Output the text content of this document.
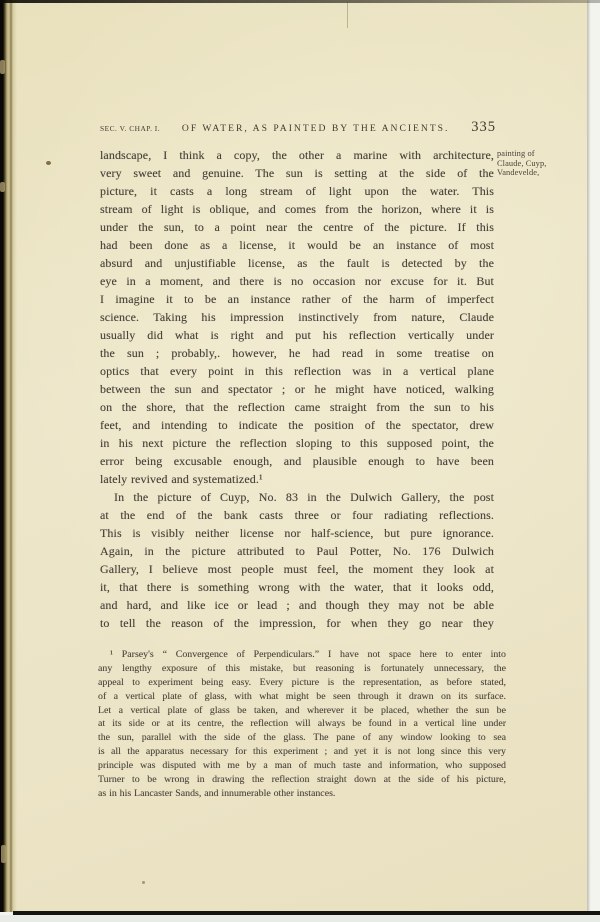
SEC. V. CHAP. I. OF WATER, AS PAINTED BY THE ANCIENTS. 335
painting of
Claude, Cuyp,
Vandevelde,
landscape, I think a copy, the other a marine with architecture,
very sweet and genuine. The sun is setting at the side of the
picture, it casts a long stream of light upon the water. This
stream of light is oblique, and comes from the horizon, where it is
under the sun, to a point near the centre of the picture. If this
had been done as a license, it would be an instance of most
absurd and unjustifiable license, as the fault is detected by the
eye in a moment, and there is no occasion nor excuse for it. But
I imagine it to be an instance rather of the harm of imperfect
science. Taking his impression instinctively from nature, Claude
usually did what is right and put his reflection vertically under
the sun ; probably,. however, he had read in some treatise on
optics that every point in this reflection was in a vertical plane
between the sun and spectator ; or he might have noticed, walking
on the shore, that the reflection came straight from the sun to his
feet, and intending to indicate the position of the spectator, drew
in his next picture the reflection sloping to this supposed point, the
error being excusable enough, and plausible enough to have been
lately revived and systematized.¹
In the picture of Cuyp, No. 83 in the Dulwich Gallery, the post
at the end of the bank casts three or four radiating reflections.
This is visibly neither license nor half-science, but pure ignorance.
Again, in the picture attributed to Paul Potter, No. 176 Dulwich
Gallery, I believe most people must feel, the moment they look at
it, that there is something wrong with the water, that it looks odd,
and hard, and like ice or lead ; and though they may not be able
to tell the reason of the impression, for when they go near they
¹ Parsey's “ Convergence of Perpendiculars.” I have not space here to enter into
any lengthy exposure of this mistake, but reasoning is fortunately unnecessary, the
appeal to experiment being easy. Every picture is the representation, as before stated,
of a vertical plate of glass, with what might be seen through it drawn on its surface.
Let a vertical plate of glass be taken, and wherever it be placed, whether the sun be
at its side or at its centre, the reflection will always be found in a vertical line under
the sun, parallel with the side of the glass. The pane of any window looking to sea
is all the apparatus necessary for this experiment ; and yet it is not long since this very
principle was disputed with me by a man of much taste and information, who supposed
Turner to be wrong in drawing the reflection straight down at the side of his picture,
as in his Lancaster Sands, and innumerable other instances.
